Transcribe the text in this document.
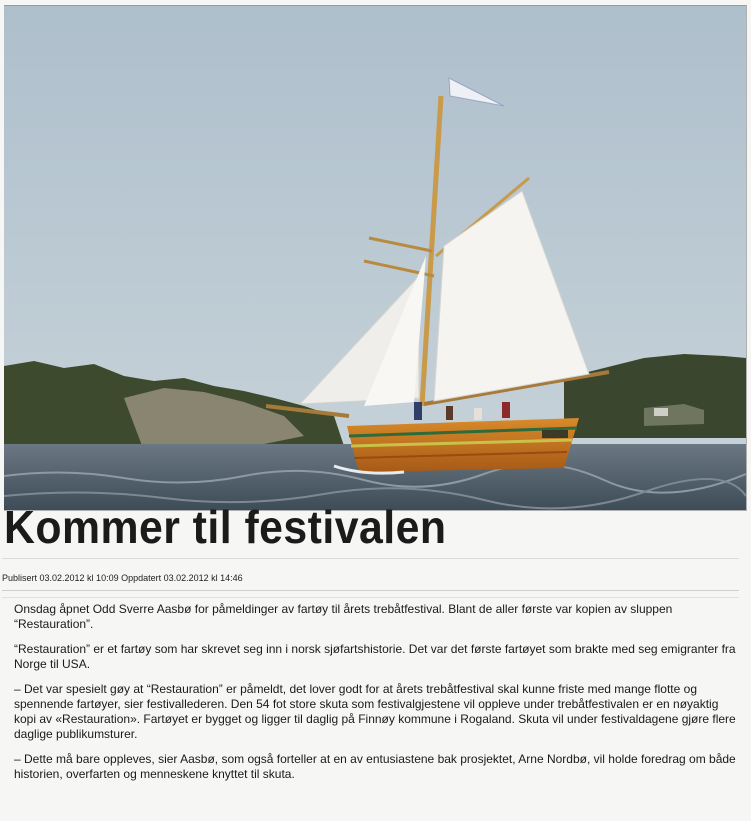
Kommer til festivalen
Publisert 03.02.2012 kl 10:09 Oppdatert 03.02.2012 kl 14:46

Onsdag åpnet Odd Sverre Aasbø for påmeldinger av fartøy til årets trebåtfestival. Blant de aller første var kopien av sluppen “Restauration”.

“Restauration” er et fartøy som har skrevet seg inn i norsk sjøfartshistorie. Det var det første fartøyet som brakte med seg emigranter fra Norge til USA.

– Det var spesielt gøy at “Restauration” er påmeldt, det lover godt for at årets trebåtfestival skal kunne friste med mange flotte og spennende fartøyer, sier festivallederen. Den 54 fot store skuta som festivalgjestene vil oppleve under trebåtfestivalen er en nøyaktig kopi av «Restauration». Fartøyet er bygget og ligger til daglig på Finnøy kommune i Rogaland. Skuta vil under festivaldagene gjøre flere daglige publikumsturer.

– Dette må bare oppleves, sier Aasbø, som også forteller at en av entusiastene bak prosjektet, Arne Nordbø, vil holde foredrag om både historien, overfarten og menneskene knyttet til skuta.
